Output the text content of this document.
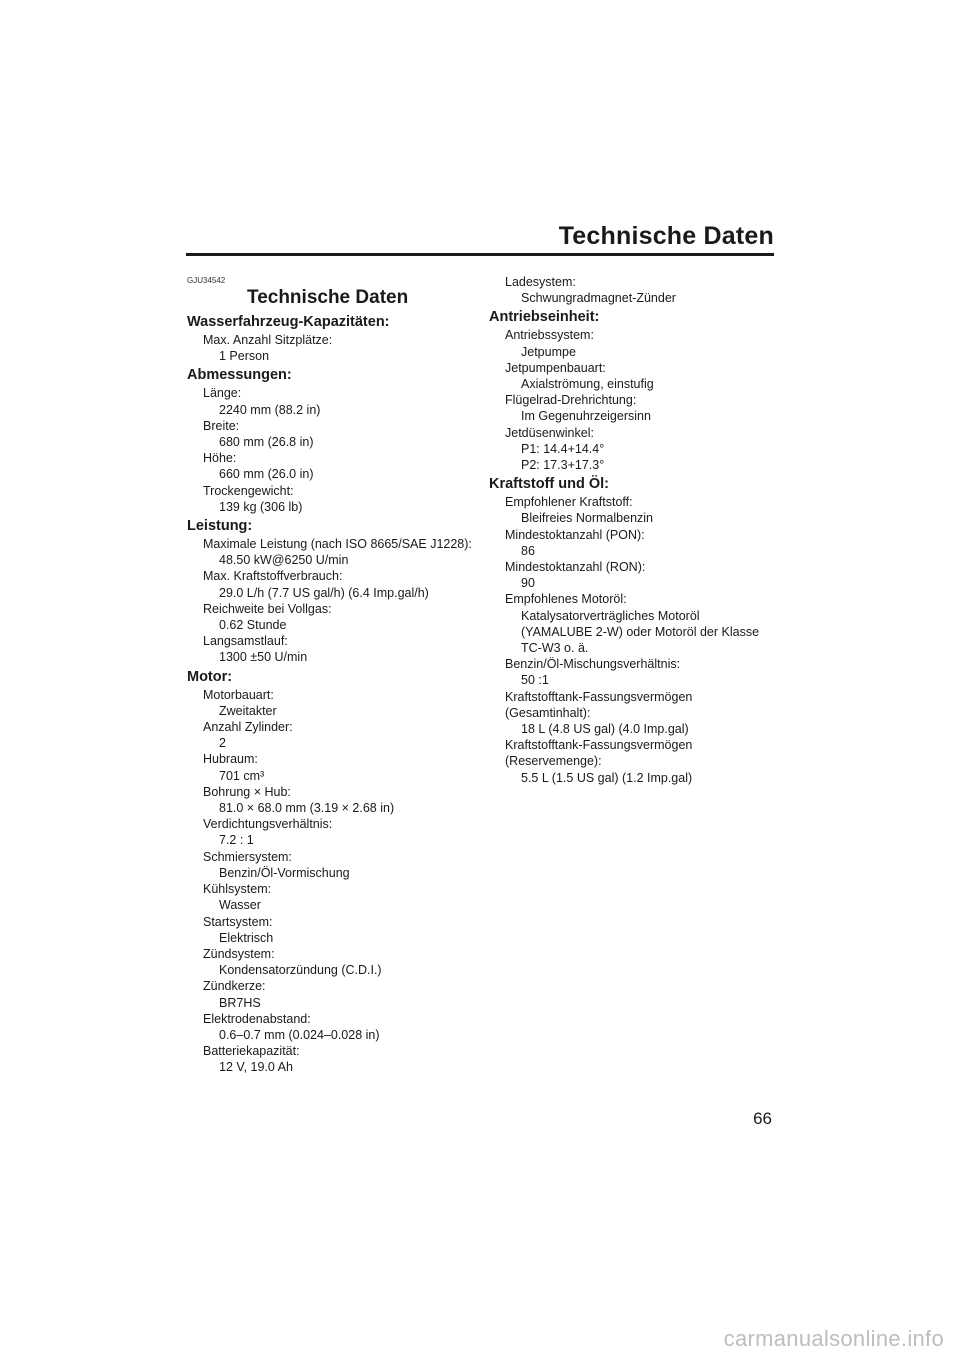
Technische Daten
GJU34542
Technische Daten
Wasserfahrzeug-Kapazitäten:
Max. Anzahl Sitzplätze:
1 Person
Abmessungen:
Länge:
2240 mm (88.2 in)
Breite:
680 mm (26.8 in)
Höhe:
660 mm (26.0 in)
Trockengewicht:
139 kg (306 lb)
Leistung:
Maximale Leistung (nach ISO 8665/SAE J1228):
48.50 kW@6250 U/min
Max. Kraftstoffverbrauch:
29.0 L/h (7.7 US gal/h) (6.4 Imp.gal/h)
Reichweite bei Vollgas:
0.62 Stunde
Langsamstlauf:
1300 ±50 U/min
Motor:
Motorbauart:
Zweitakter
Anzahl Zylinder:
2
Hubraum:
701 cm³
Bohrung × Hub:
81.0 × 68.0 mm (3.19 × 2.68 in)
Verdichtungsverhältnis:
7.2 : 1
Schmiersystem:
Benzin/Öl-Vormischung
Kühlsystem:
Wasser
Startsystem:
Elektrisch
Zündsystem:
Kondensatorzündung (C.D.I.)
Zündkerze:
BR7HS
Elektrodenabstand:
0.6–0.7 mm (0.024–0.028 in)
Batteriekapazität:
12 V, 19.0 Ah
Ladesystem:
Schwungradmagnet-Zünder
Antriebseinheit:
Antriebssystem:
Jetpumpe
Jetpumpenbauart:
Axialströmung, einstufig
Flügelrad-Drehrichtung:
Im Gegenuhrzeigersinn
Jetdüsenwinkel:
P1: 14.4+14.4°
P2: 17.3+17.3°
Kraftstoff und Öl:
Empfohlener Kraftstoff:
Bleifreies Normalbenzin
Mindestoktanzahl (PON):
86
Mindestoktanzahl (RON):
90
Empfohlenes Motoröl:
Katalysatorverträgliches Motoröl
(YAMALUBE 2-W) oder Motoröl der Klasse
TC-W3 o. ä.
Benzin/Öl-Mischungsverhältnis:
50 :1
Kraftstofftank-Fassungsvermögen
(Gesamtinhalt):
18 L (4.8 US gal) (4.0 Imp.gal)
Kraftstofftank-Fassungsvermögen
(Reservemenge):
5.5 L (1.5 US gal) (1.2 Imp.gal)
66
carmanualsonline.info
